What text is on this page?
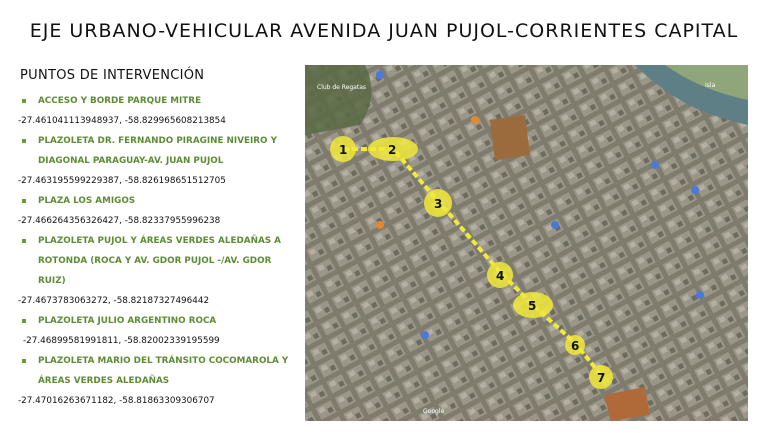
EJE URBANO-VEHICULAR AVENIDA JUAN PUJOL-CORRIENTES CAPITAL
PUNTOS DE INTERVENCIÓN
ACCESO Y BORDE PARQUE MITRE
-27.461041113948937, -58.829965608213854
PLAZOLETA DR. FERNANDO PIRAGINE NIVEIRO Y DIAGONAL PARAGUAY-AV. JUAN PUJOL
-27.463195599229387, -58.826198651512705
PLAZA LOS AMIGOS
-27.466264356326427, -58.82337955996238
PLAZOLETA PUJOL Y ÁREAS VERDES ALEDAÑAS A ROTONDA (ROCA Y AV. GDOR PUJOL -/AV. GDOR RUIZ)
-27.4673783063272, -58.82187327496442
PLAZOLETA JULIO ARGENTINO ROCA
-27.46899581991811, -58.82002339195599
PLAZOLETA MARIO DEL TRÁNSITO COCOMAROLA Y ÁREAS VERDES ALEDAÑAS
-27.47016263671182, -58.81863309306707
1	2
3
4
5
6
7
Club de Regatas	Isla
Google
